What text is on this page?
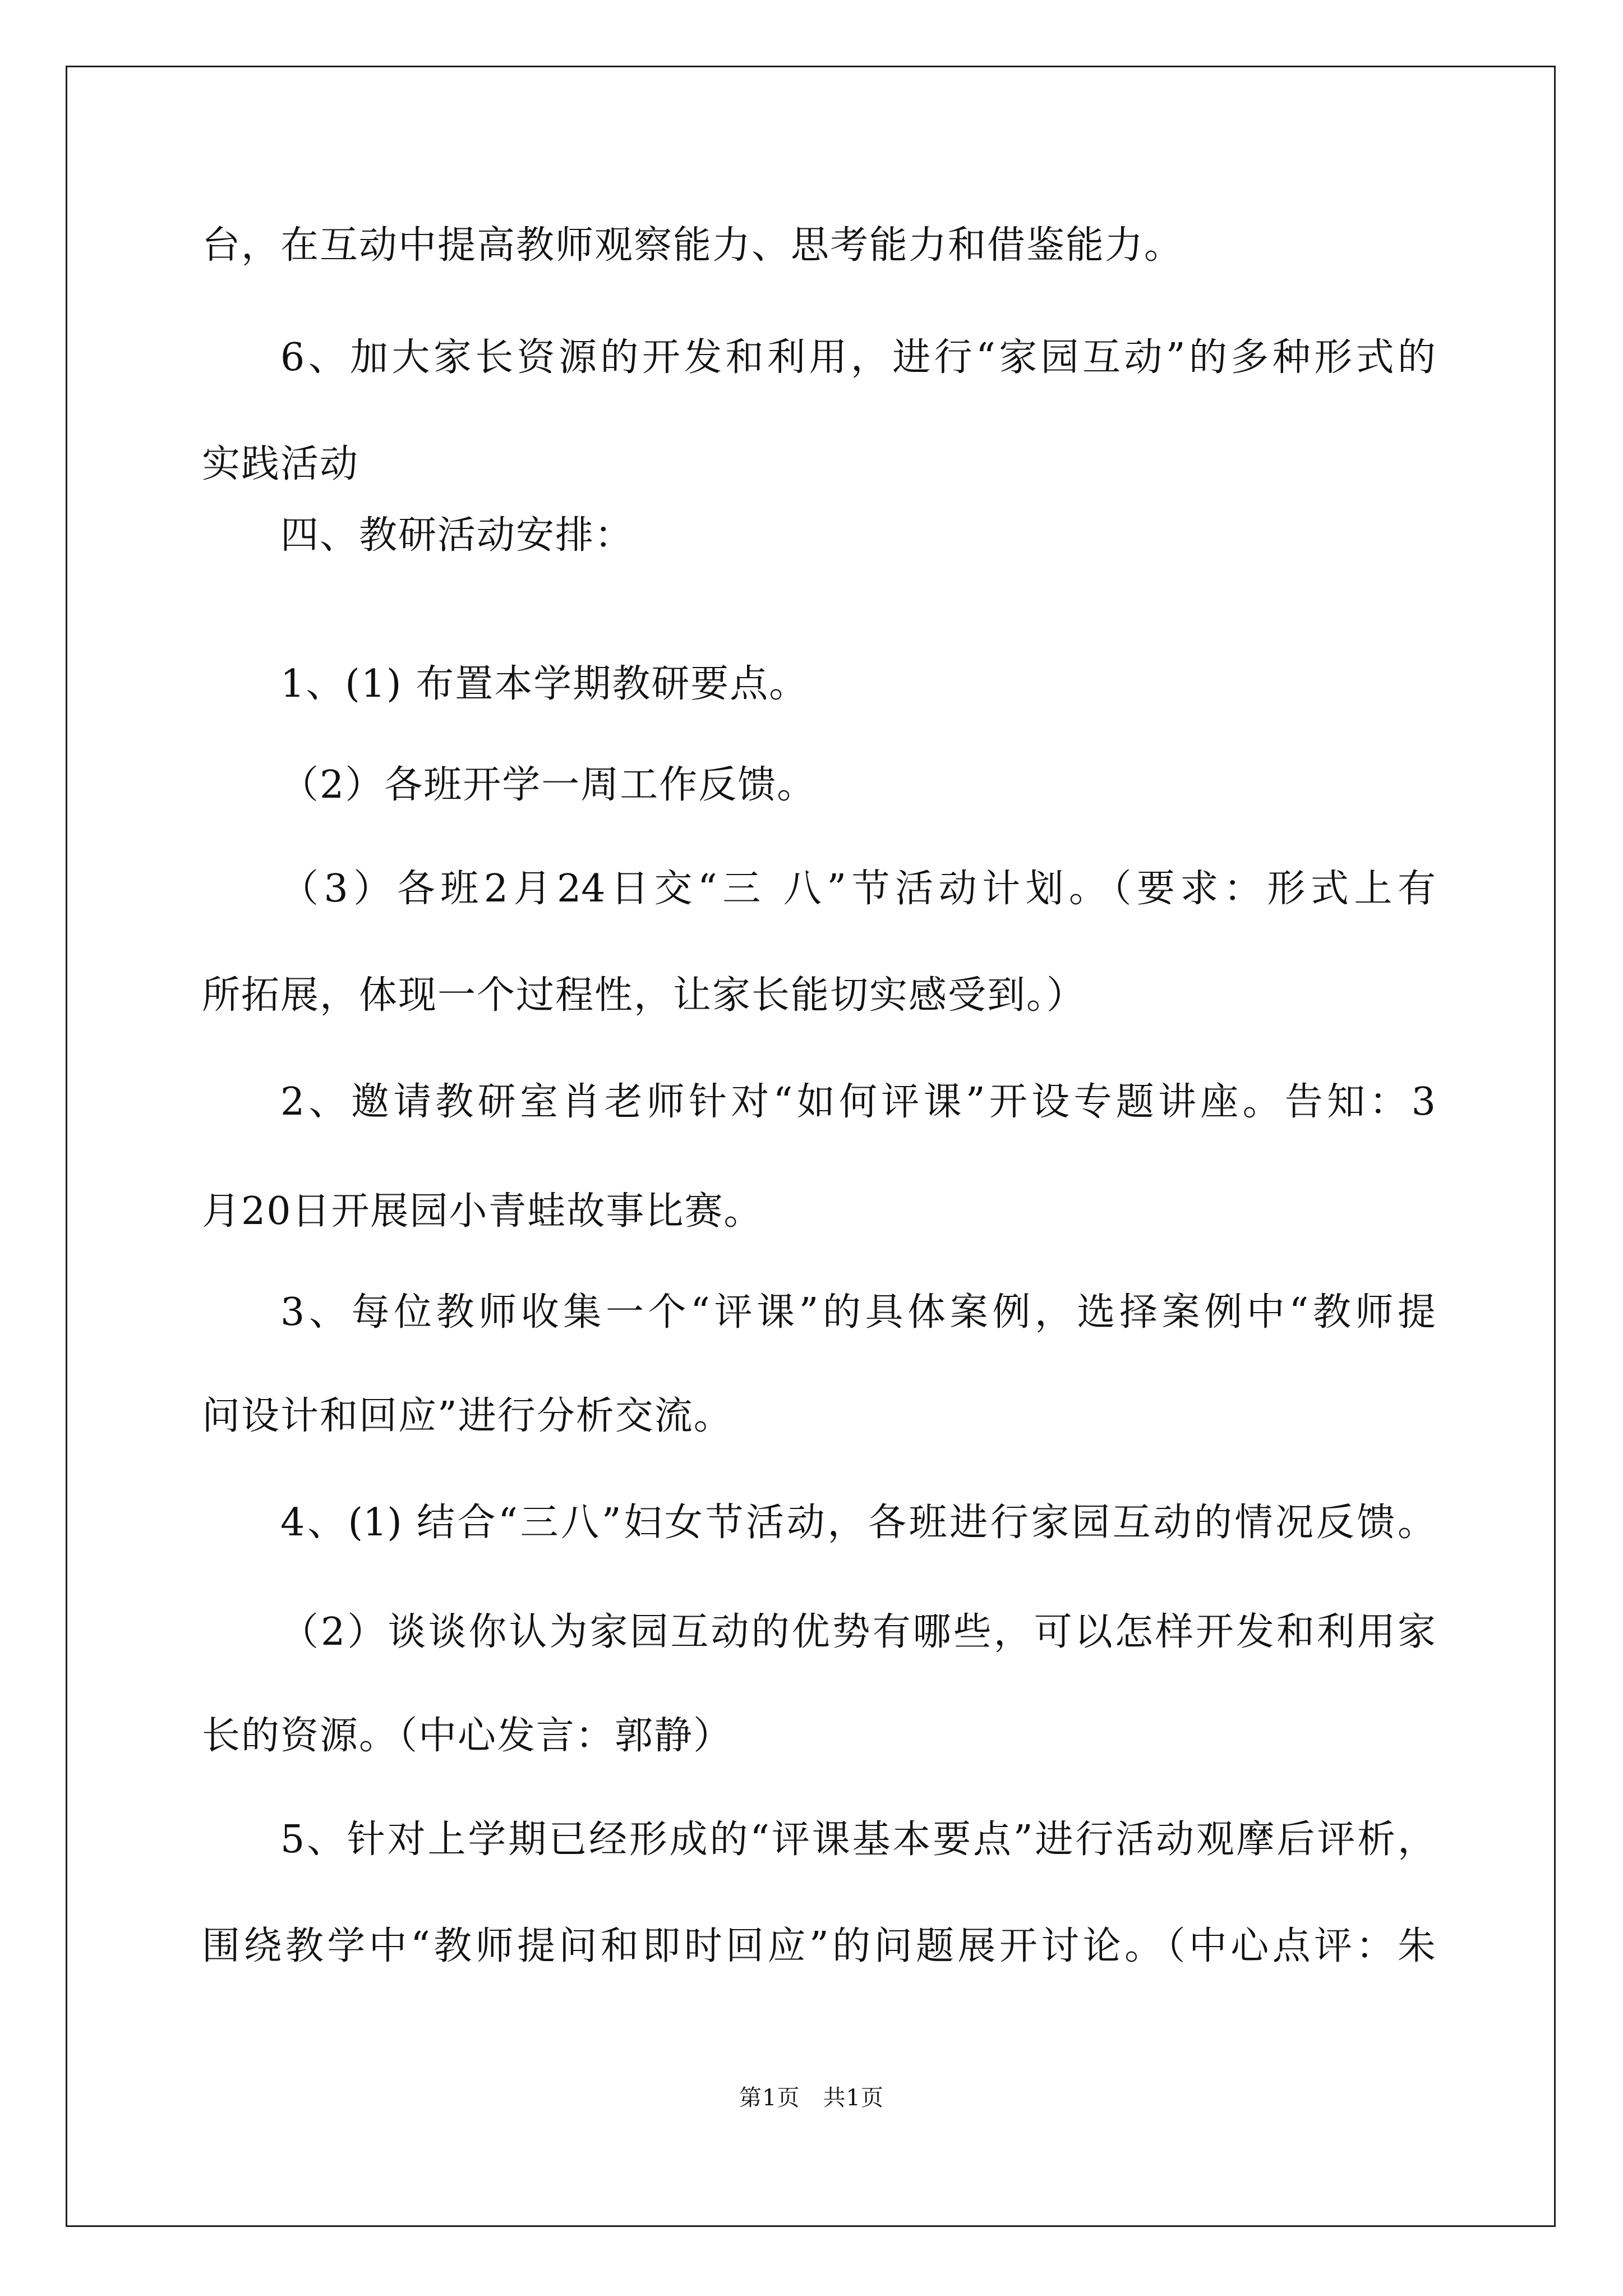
台，在互动中提高教师观察能力、思考能力和借鉴能力。
6、加大家长资源的开发和利用，进行“家园互动”的多种形式的
实践活动
四、教研活动安排：
1、(1) 布置本学期教研要点。
（2）各班开学一周工作反馈。
（3）各班2月24日交“三 八”节活动计划。（要求：形式上有
所拓展，体现一个过程性，让家长能切实感受到。）
2、邀请教研室肖老师针对“如何评课”开设专题讲座。告知：3
月20日开展园小青蛙故事比赛。
3、每位教师收集一个“评课”的具体案例，选择案例中“教师提
问设计和回应”进行分析交流。
4、(1) 结合“三八”妇女节活动，各班进行家园互动的情况反馈。
（2）谈谈你认为家园互动的优势有哪些，可以怎样开发和利用家
长的资源。（中心发言：郭静）
5、针对上学期已经形成的“评课基本要点”进行活动观摩后评析，
围绕教学中“教师提问和即时回应”的问题展开讨论。（中心点评：朱
第1页　共1页
